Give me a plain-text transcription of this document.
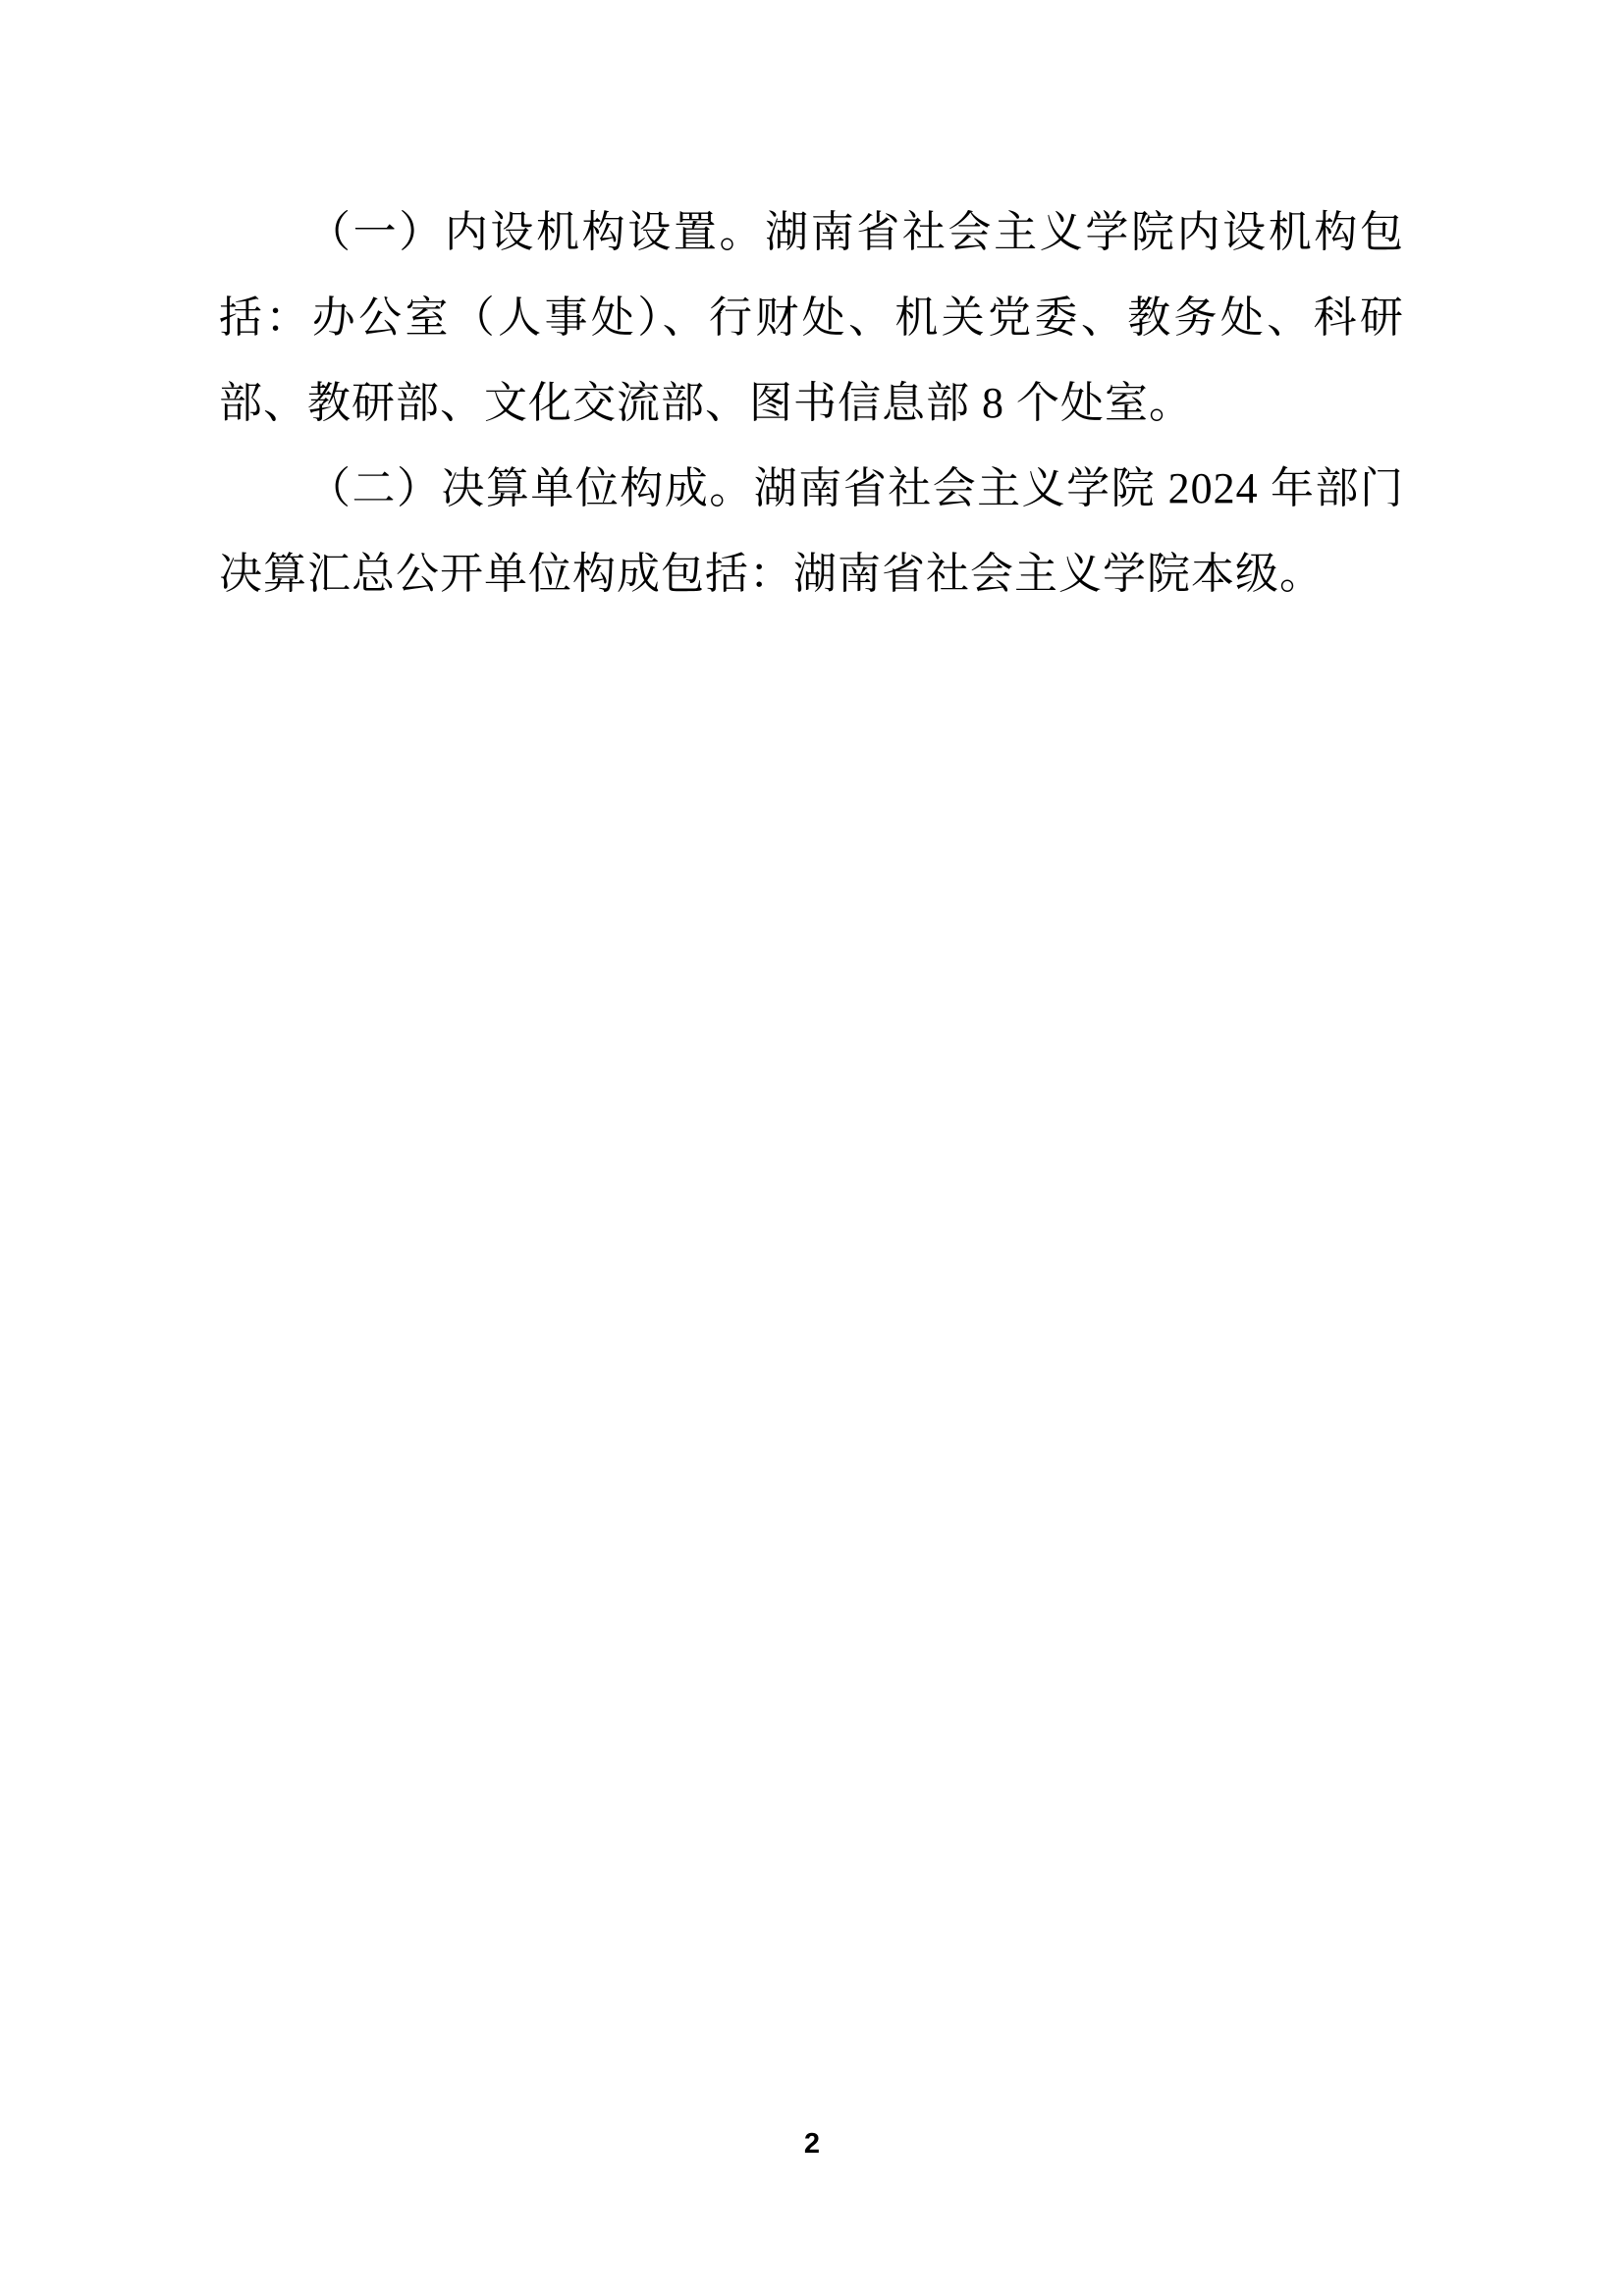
（一）内设机构设置。湖南省社会主义学院内设机构包括：办公室（人事处）、行财处、机关党委、教务处、科研部、教研部、文化交流部、图书信息部 8 个处室。

（二）决算单位构成。湖南省社会主义学院 2024 年部门决算汇总公开单位构成包括：湖南省社会主义学院本级。

2
